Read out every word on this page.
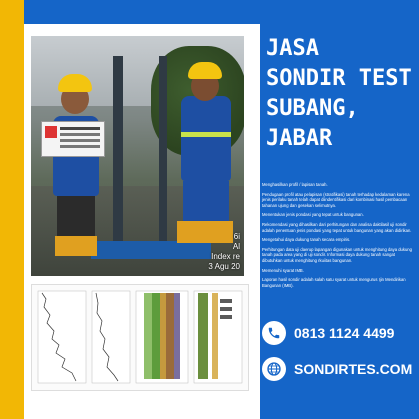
6i
Al
Index re
3 Agu 20
JASA
SONDIR TEST
SUBANG,
JABAR

Menghasilkan profil / lapisan tanah.

Pendugaan profil atau pelapisan (stratifikasi) tanah terhadap kedalaman karena jenis perilaku tanah telah dapat diindentifikasi dari kombinasi hasil pembacaan tahanan ujung dan gesekan selimutnya.

Menentukan jenis pondasi yang tepat untuk bangunan.

Rekomendasi yang dihasilkan dari perhitungan dan analisa daktilasil uji sondir adalah penentuan jenis pondasi yang tepat untuk bangunan yang akan didirikan.

Mengetahui daya dukung tanah secara empiris.

Perhitungan data uji daerup lapangan digunakan untuk menghitung daya dukung tanah pada area yang di uji sondir. Informasi daya dukung tanah sangat dibutuhkan untuk menghitung rkuiitas bangunan.

Memenuhi syarat IMB.

Laporan hasil sondir adalah salah satu syarat untuk mengurus Ijin Mendirikan Bangunan (IMB).

0813 1124 4499
SONDIRTES.COM
